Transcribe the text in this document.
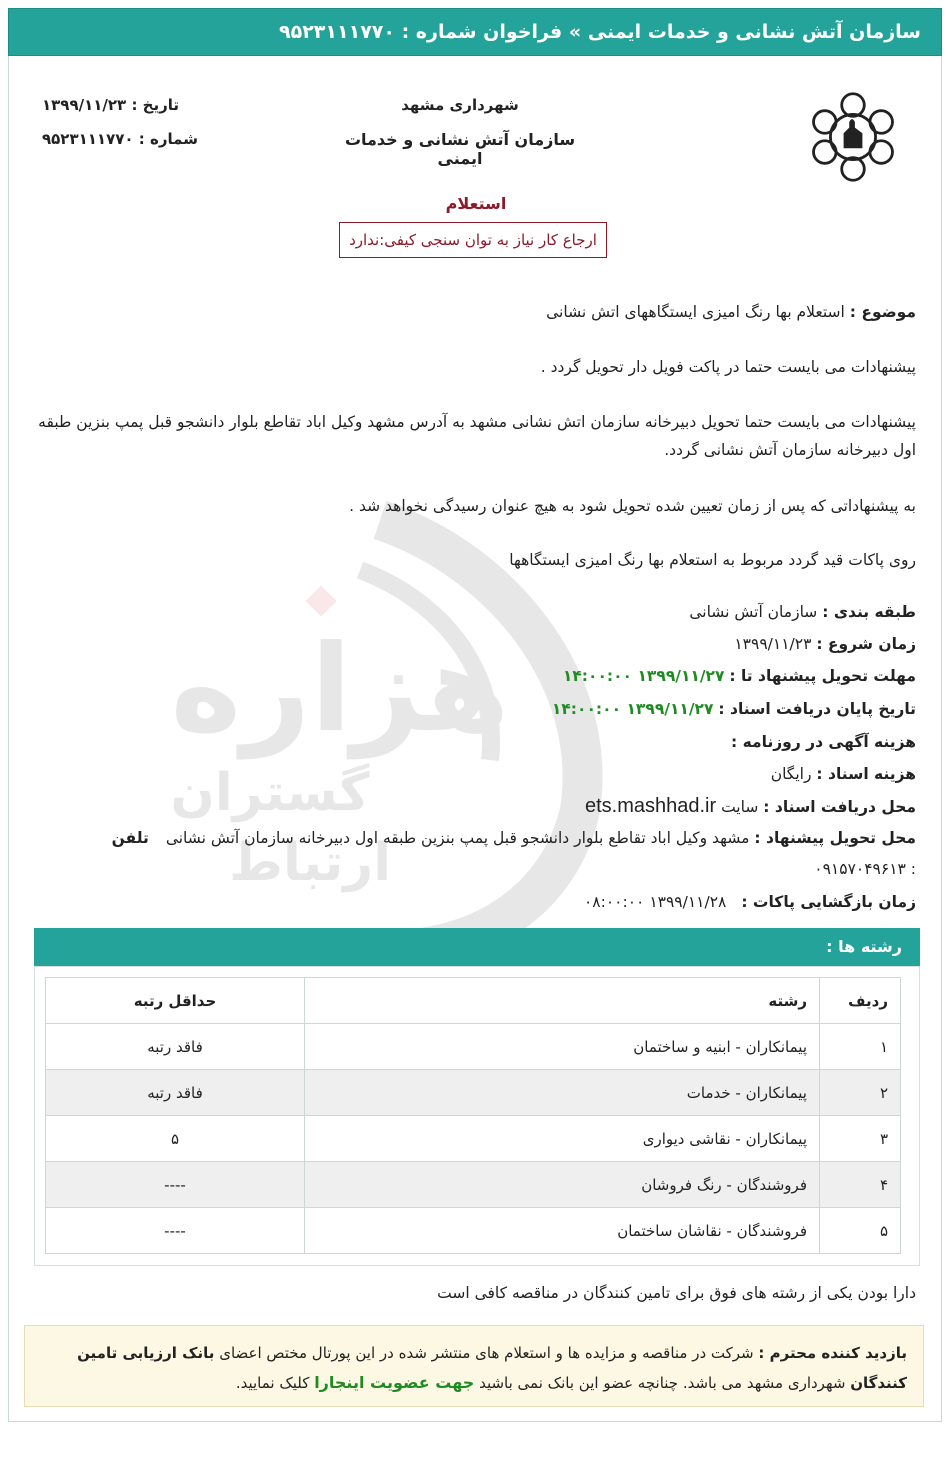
سازمان آتش نشانی و خدمات ایمنی » فراخوان شماره : ۹۵۲۳۱۱۱۷۷۰
شهرداری مشهد
سازمان آتش نشانی و خدمات ایمنی
تاریخ : ۱۳۹۹/۱۱/۲۳
شماره : ۹۵۲۳۱۱۱۷۷۰
استعلام
ارجاع کار نیاز به توان سنجی کیفی:ندارد
موضوع : استعلام بها رنگ امیزی ایستگاههای اتش نشانی
پیشنهادات می بایست حتما در پاکت فویل دار تحویل گردد .
پیشنهادات می بایست حتما تحویل دبیرخانه سازمان اتش نشانی مشهد به آدرس مشهد وکیل اباد تقاطع بلوار دانشجو قبل پمپ بنزین طبقه اول دبیرخانه سازمان آتش نشانی گردد.
به پیشنهاداتی که پس از زمان تعیین شده تحویل شود به هیچ عنوان رسیدگی نخواهد شد .
روی پاکات قید گردد مربوط به استعلام بها رنگ امیزی ایستگاهها
طبقه بندی : سازمان آتش نشانی
زمان شروع : ۱۳۹۹/۱۱/۲۳
مهلت تحویل پیشنهاد تا : ۱۳۹۹/۱۱/۲۷ ۱۴:۰۰:۰۰
تاریخ پایان دریافت اسناد : ۱۳۹۹/۱۱/۲۷ ۱۴:۰۰:۰۰
هزینه آگهی در روزنامه :
هزینه اسناد : رایگان
محل دریافت اسناد : سایت ets.mashhad.ir
محل تحویل پیشنهاد : مشهد وکیل اباد تقاطع بلوار دانشجو قبل پمپ بنزین طبقه اول دبیرخانه سازمان آتش نشانی تلفن
: ۰۹۱۵۷۰۴۹۶۱۳
زمان بازگشایی پاکات : ۱۳۹۹/۱۱/۲۸ ۰۸:۰۰:۰۰
رشته ها :
ردیف	رشته	حداقل رتبه
۱	پیمانکاران - ابنیه و ساختمان	فاقد رتبه
۲	پیمانکاران - خدمات	فاقد رتبه
۳	پیمانکاران - نقاشی دیواری	۵
۴	فروشندگان - رنگ فروشان	----
۵	فروشندگان - نقاشان ساختمان	----
دارا بودن یکی از رشته های فوق برای تامین کنندگان در مناقصه کافی است
بازدید کننده محترم : شرکت در مناقصه و مزایده ها و استعلام های منتشر شده در این پورتال مختص اعضای بانک ارزیابی تامین کنندگان شهرداری مشهد می باشد. چنانچه عضو این بانک نمی باشید جهت عضویت اینجارا کلیک نمایید.
